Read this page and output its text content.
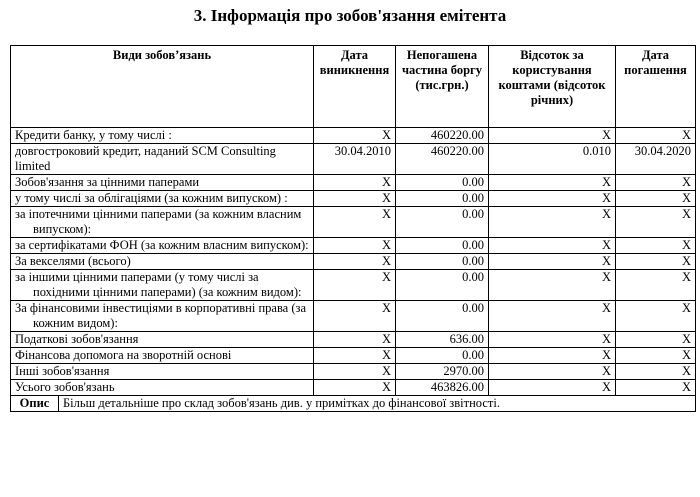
3. Інформація про зобов'язання емітента
Види зобов’язань	Дата виникнення	Непогашена частина боргу (тис.грн.)	Відсоток за користування коштами (відсоток річних)	Дата погашення
Кредити банку, у тому числі :	X	460220.00	X	X
довгостроковий кредит, наданий SCM Consulting limited	30.04.2010	460220.00	0.010	30.04.2020
Зобов'язання за цінними паперами	X	0.00	X	X

у тому числі за облігаціями (за кожним випуском) :	X	0.00	X	X

за іпотечними цінними паперами (за кожним власним випуском):	X	0.00	X	X

за сертифікатами ФОН (за кожним власним випуском):	X	0.00	X	X
За векселями (всього)	X	0.00	X	X

за іншими цінними паперами (у тому числі за похідними цінними паперами) (за кожним видом):	X	0.00	X	X

За фінансовими інвестиціями в корпоративні права (за кожним видом):	X	0.00	X	X
Податкові зобов'язання	X	636.00	X	X
Фінансова допомога на зворотній основі	X	0.00	X	X
Інші зобов'язання	X	2970.00	X	X
Усього зобов'язань	X	463826.00	X	X
Опис	Більш детальніше про склад зобов'язань див. у примітках до фінансової звітності.
